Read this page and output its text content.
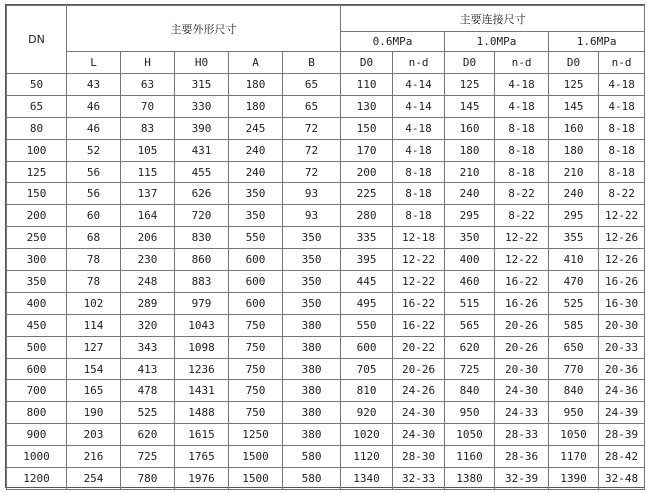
DN	主要外形尺寸					主要连接尺寸					
						0.6MPa		1.0MPa		1.6MPa	
	L	H	H0	A	B	D0	n-d	D0	n-d	D0	n-d
50	43	63	315	180	65	110	4-14	125	4-18	125	4-18
65	46	70	330	180	65	130	4-14	145	4-18	145	4-18
80	46	83	390	245	72	150	4-18	160	8-18	160	8-18
100	52	105	431	240	72	170	4-18	180	8-18	180	8-18
125	56	115	455	240	72	200	8-18	210	8-18	210	8-18
150	56	137	626	350	93	225	8-18	240	8-22	240	8-22
200	60	164	720	350	93	280	8-18	295	8-22	295	12-22
250	68	206	830	550	350	335	12-18	350	12-22	355	12-26
300	78	230	860	600	350	395	12-22	400	12-22	410	12-26
350	78	248	883	600	350	445	12-22	460	16-22	470	16-26
400	102	289	979	600	350	495	16-22	515	16-26	525	16-30
450	114	320	1043	750	380	550	16-22	565	20-26	585	20-30
500	127	343	1098	750	380	600	20-22	620	20-26	650	20-33
600	154	413	1236	750	380	705	20-26	725	20-30	770	20-36
700	165	478	1431	750	380	810	24-26	840	24-30	840	24-36
800	190	525	1488	750	380	920	24-30	950	24-33	950	24-39
900	203	620	1615	1250	380	1020	24-30	1050	28-33	1050	28-39
1000	216	725	1765	1500	580	1120	28-30	1160	28-36	1170	28-42
1200	254	780	1976	1500	580	1340	32-33	1380	32-39	1390	32-48
